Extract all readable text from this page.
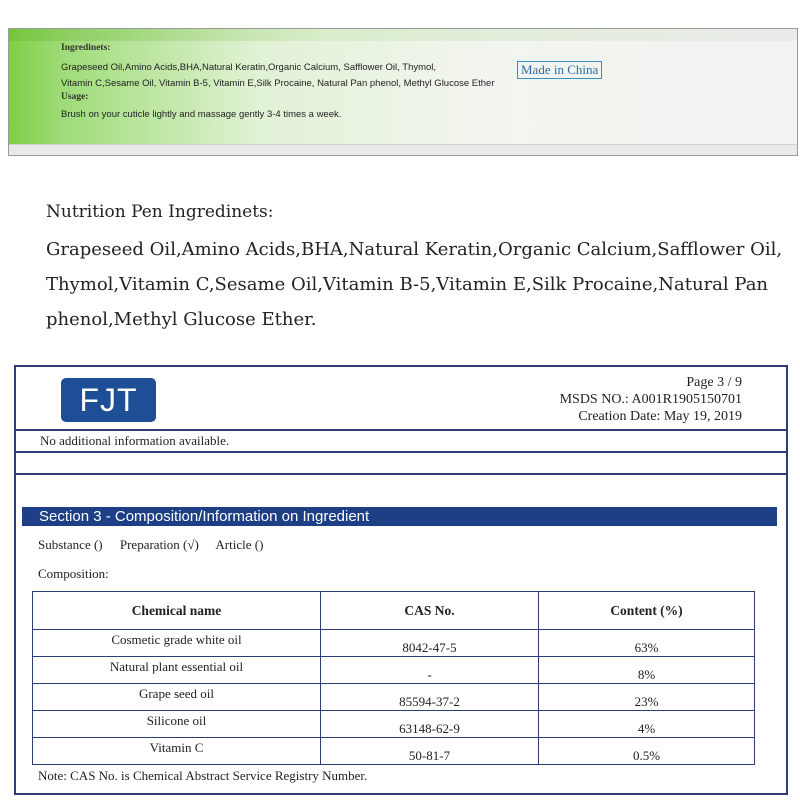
Ingredinets:
Grapeseed Oil,Amino Acids,BHA,Natural Keratin,Organic Calcium, Safflower Oil, Thymol,
Vitamin C,Sesame Oil, Vitamin B-5, Vitamin E,Silk Procaine, Natural Pan phenol, Methyl Glucose Ether
Usage:
Brush on your cuticle lightly and massage gently 3-4 times a week.
Made in China
Nutrition Pen Ingredinets:
Grapeseed Oil,Amino Acids,BHA,Natural Keratin,Organic Calcium,Safflower Oil, Thymol,Vitamin C,Sesame Oil,Vitamin B-5,Vitamin E,Silk Procaine,Natural Pan phenol,Methyl Glucose Ether.
FJT	Page 3 / 9
MSDS NO.: A001R1905150701
Creation Date: May 19, 2019
No additional information available.
Section 3 - Composition/Information on Ingredient
Substance () Preparation (√) Article ()
Composition:
Chemical name	CAS No.	Content (%)
Cosmetic grade white oil	8042-47-5	63%
Natural plant essential oil	-	8%
Grape seed oil	85594-37-2	23%
Silicone oil	63148-62-9	4%
Vitamin C	50-81-7	0.5%
Note: CAS No. is Chemical Abstract Service Registry Number.
